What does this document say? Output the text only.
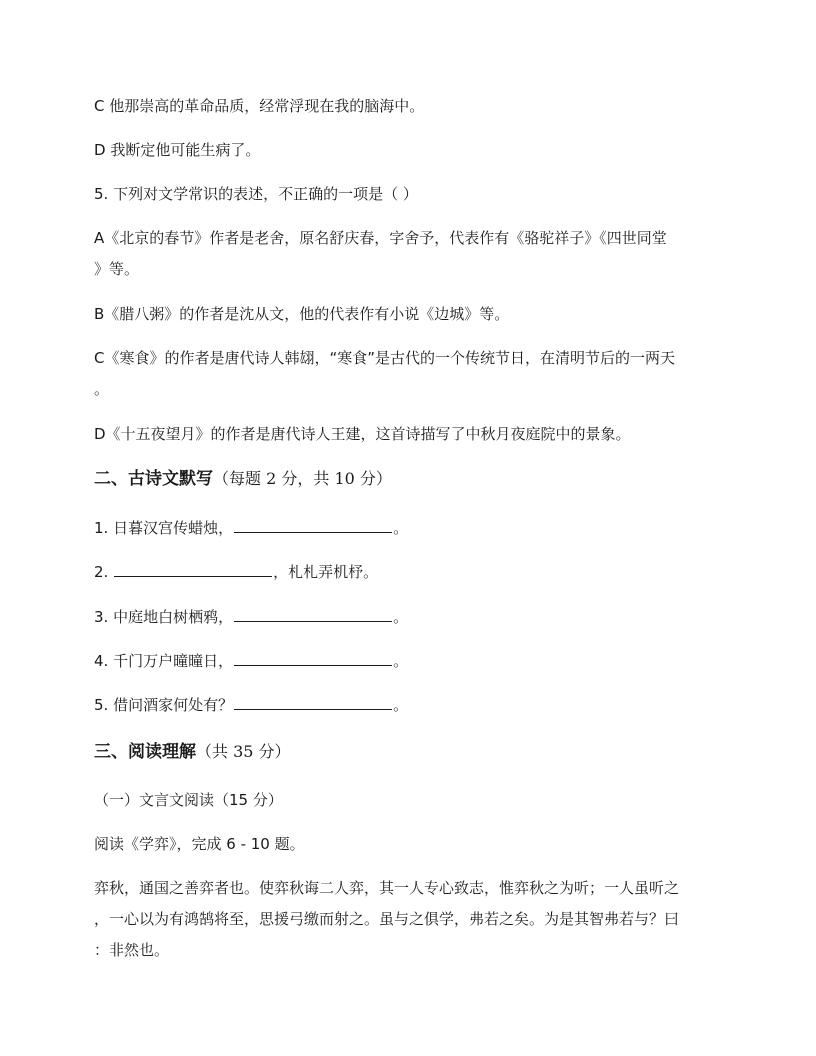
C 他那崇高的革命品质，经常浮现在我的脑海中。

D 我断定他可能生病了。

5. 下列对文学常识的表述，不正确的一项是（ ）

A《北京的春节》作者是老舍，原名舒庆春，字舍予，代表作有《骆驼祥子》《四世同堂

》等。

B《腊八粥》的作者是沈从文，他的代表作有小说《边城》等。

C《寒食》的作者是唐代诗人韩翃，“寒食”是古代的一个传统节日，在清明节后的一两天

。

D《十五夜望月》的作者是唐代诗人王建，这首诗描写了中秋月夜庭院中的景象。

二、古诗文默写（每题 2 分，共 10 分）

1. 日暮汉宫传蜡烛，	。

2.	，札札弄机杼。

3. 中庭地白树栖鸦，	。

4. 千门万户曈曈日，	。

5. 借问酒家何处有？	。

三、阅读理解（共 35 分）

（一）文言文阅读（15 分）

阅读《学弈》，完成 6 - 10 题。

弈秋，通国之善弈者也。使弈秋诲二人弈，其一人专心致志，惟弈秋之为听；一人虽听之

，一心以为有鸿鹄将至，思援弓缴而射之。虽与之俱学，弗若之矣。为是其智弗若与？曰

：非然也。
